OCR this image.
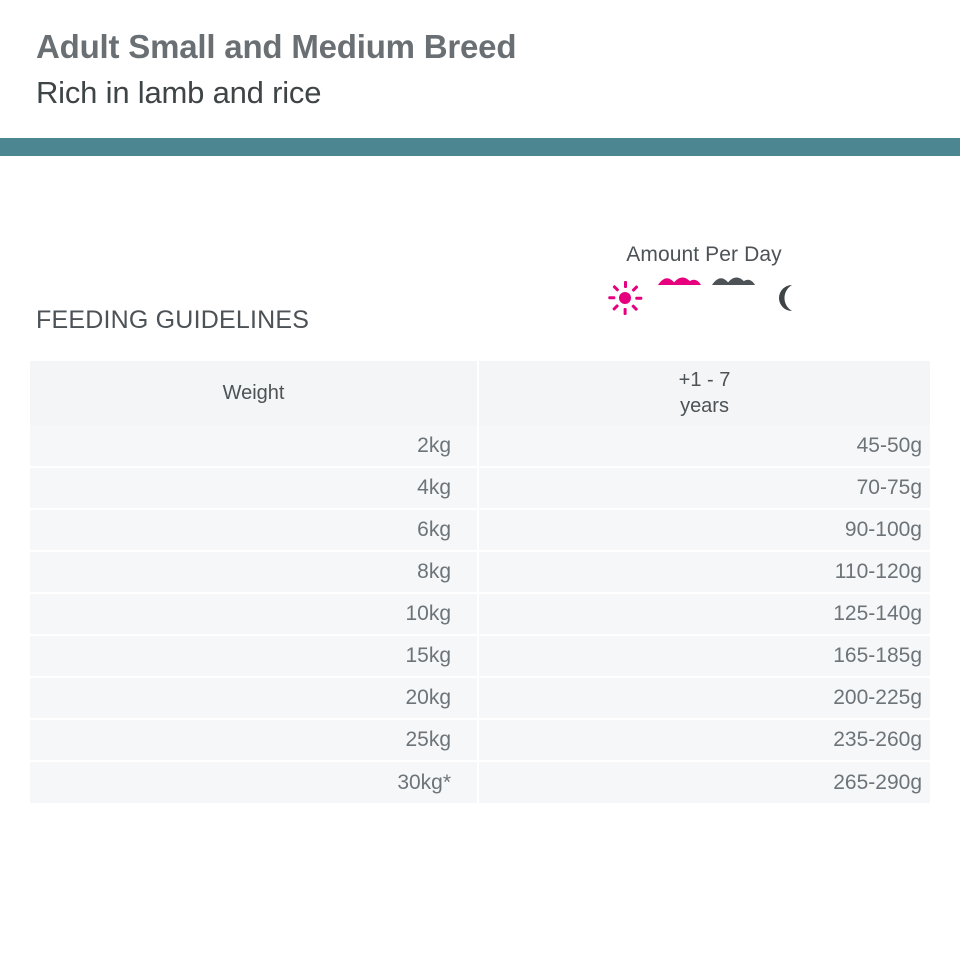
Adult Small and Medium Breed
Rich in lamb and rice
Amount Per Day
1/2 1/2
FEEDING GUIDELINES
Weight	+1 - 7
years

2kg	45-50g
4kg	70-75g
6kg	90-100g
8kg	110-120g
10kg	125-140g
15kg	165-185g
20kg	200-225g
25kg	235-260g
30kg*	265-290g
